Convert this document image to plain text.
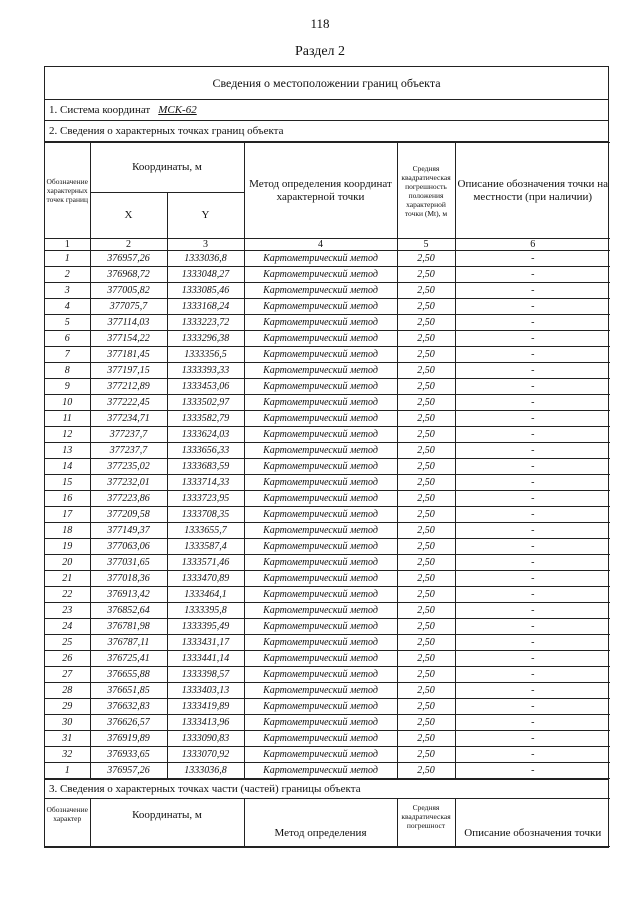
118
Раздел 2
Сведения о местоположении границ объекта
1. Система координат МСК-62
2. Сведения о характерных точках границ объекта
Обозначение характерных точек границ	Координаты, м		Метод определения координат характерной точки	Средняя квадратическая погрешность положения характерной точки (Mt), м	Описание обозначения точки на местности (при наличии)
	X	Y			
1	2	3	4	5	6
1	376957,26	1333036,8	Картометрический метод	2,50	-
2	376968,72	1333048,27	Картометрический метод	2,50	-
3	377005,82	1333085,46	Картометрический метод	2,50	-
4	377075,7	1333168,24	Картометрический метод	2,50	-
5	377114,03	1333223,72	Картометрический метод	2,50	-
6	377154,22	1333296,38	Картометрический метод	2,50	-
7	377181,45	1333356,5	Картометрический метод	2,50	-
8	377197,15	1333393,33	Картометрический метод	2,50	-
9	377212,89	1333453,06	Картометрический метод	2,50	-
10	377222,45	1333502,97	Картометрический метод	2,50	-
11	377234,71	1333582,79	Картометрический метод	2,50	-
12	377237,7	1333624,03	Картометрический метод	2,50	-
13	377237,7	1333656,33	Картометрический метод	2,50	-
14	377235,02	1333683,59	Картометрический метод	2,50	-
15	377232,01	1333714,33	Картометрический метод	2,50	-
16	377223,86	1333723,95	Картометрический метод	2,50	-
17	377209,58	1333708,35	Картометрический метод	2,50	-
18	377149,37	1333655,7	Картометрический метод	2,50	-
19	377063,06	1333587,4	Картометрический метод	2,50	-
20	377031,65	1333571,46	Картометрический метод	2,50	-
21	377018,36	1333470,89	Картометрический метод	2,50	-
22	376913,42	1333464,1	Картометрический метод	2,50	-
23	376852,64	1333395,8	Картометрический метод	2,50	-
24	376781,98	1333395,49	Картометрический метод	2,50	-
25	376787,11	1333431,17	Картометрический метод	2,50	-
26	376725,41	1333441,14	Картометрический метод	2,50	-
27	376655,88	1333398,57	Картометрический метод	2,50	-
28	376651,85	1333403,13	Картометрический метод	2,50	-
29	376632,83	1333419,89	Картометрический метод	2,50	-
30	376626,57	1333413,96	Картометрический метод	2,50	-
31	376919,89	1333090,83	Картометрический метод	2,50	-
32	376933,65	1333070,92	Картометрический метод	2,50	-
1	376957,26	1333036,8	Картометрический метод	2,50	-
3. Сведения о характерных точках части (частей) границы объекта
Обозначение характер	Координаты, м	Метод определения	Средняя квадратическая погрешност	Описание обозначения точки
